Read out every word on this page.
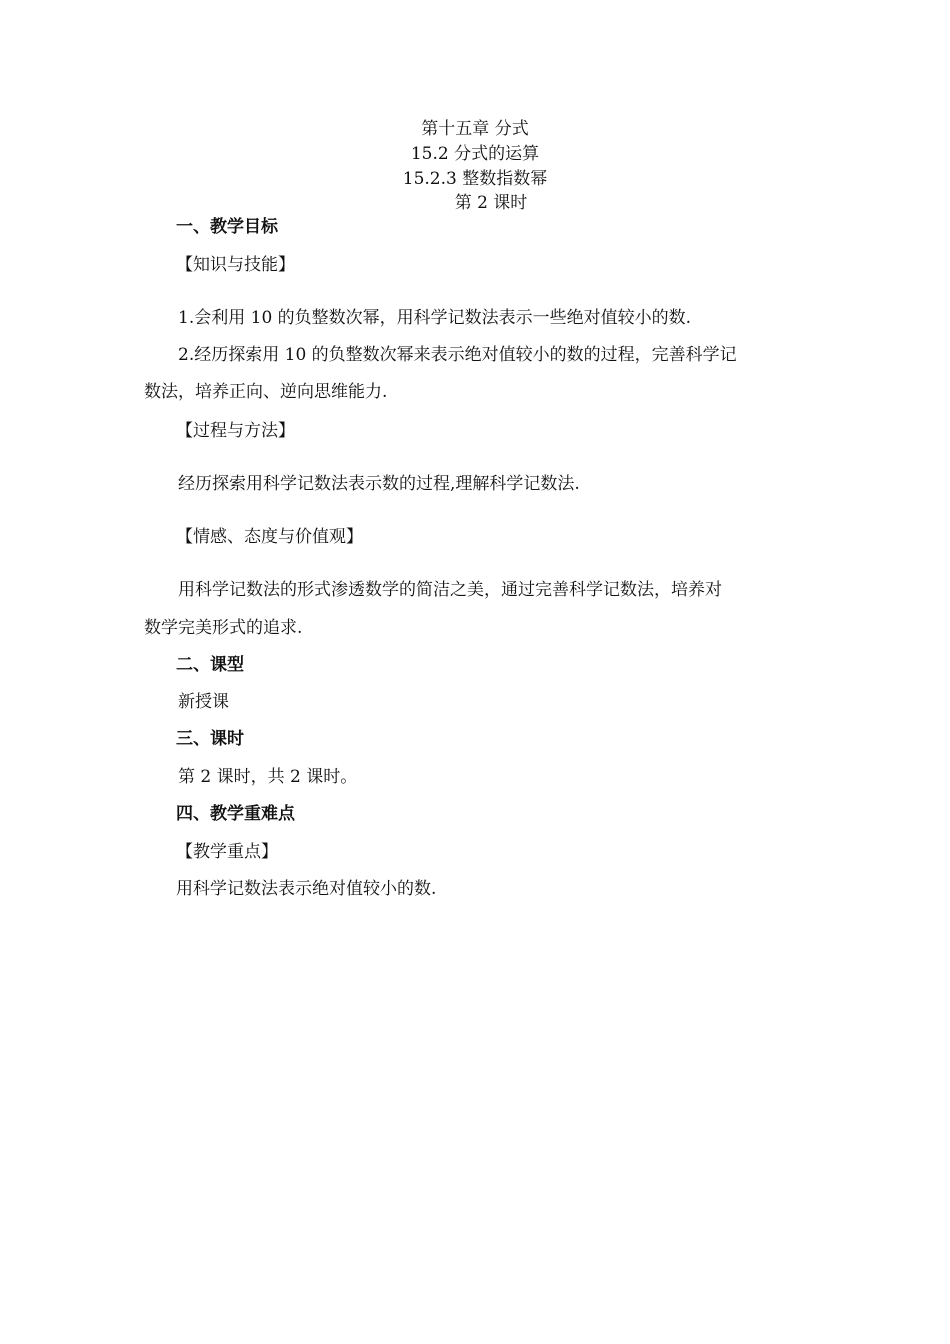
第十五章 分式
15.2 分式的运算
15.2.3 整数指数幂
第 2 课时
一、教学目标
【知识与技能】
1.会利用 10 的负整数次幂，用科学记数法表示一些绝对值较小的数.
2.经历探索用 10 的负整数次幂来表示绝对值较小的数的过程，完善科学记
数法，培养正向、逆向思维能力.
【过程与方法】
经历探索用科学记数法表示数的过程,理解科学记数法.
【情感、态度与价值观】
用科学记数法的形式渗透数学的简洁之美，通过完善科学记数法，培养对
数学完美形式的追求.
二、课型
新授课
三、课时
第 2 课时，共 2 课时。
四、教学重难点
【教学重点】
用科学记数法表示绝对值较小的数.
